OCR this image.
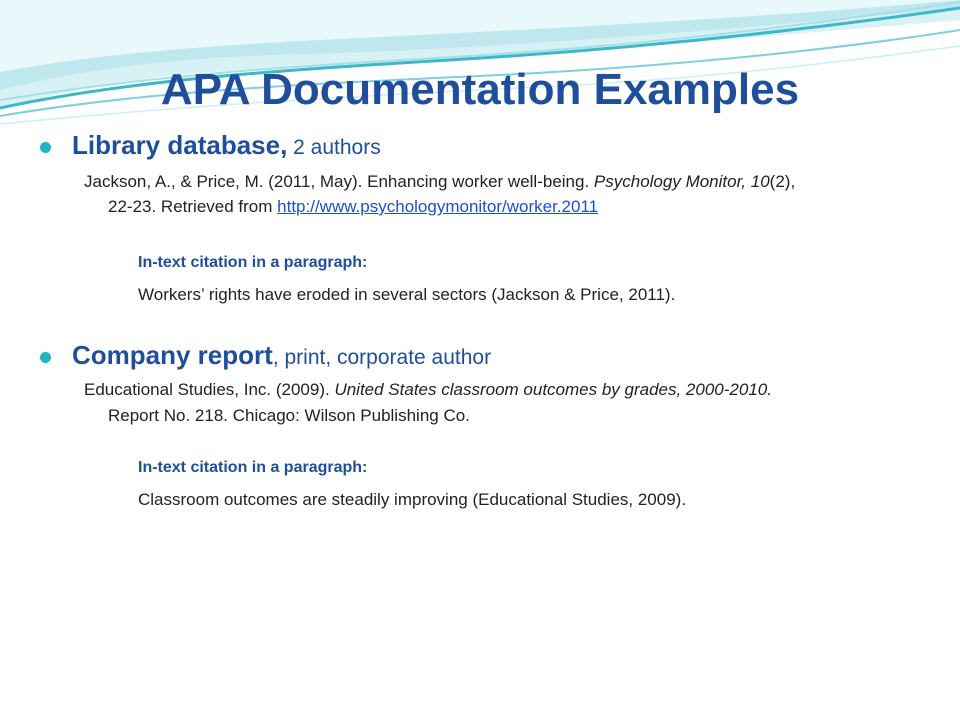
APA Documentation Examples
Library database, 2 authors
Jackson, A., & Price, M. (2011, May). Enhancing worker well-being. Psychology Monitor, 10(2),
22-23. Retrieved from http://www.psychologymonitor/worker.2011
In-text citation in a paragraph:
Workers’ rights have eroded in several sectors (Jackson & Price, 2011).
Company report, print, corporate author
Educational Studies, Inc. (2009). United States classroom outcomes by grades, 2000-2010.
Report No. 218. Chicago: Wilson Publishing Co.
In-text citation in a paragraph:
Classroom outcomes are steadily improving (Educational Studies, 2009).
